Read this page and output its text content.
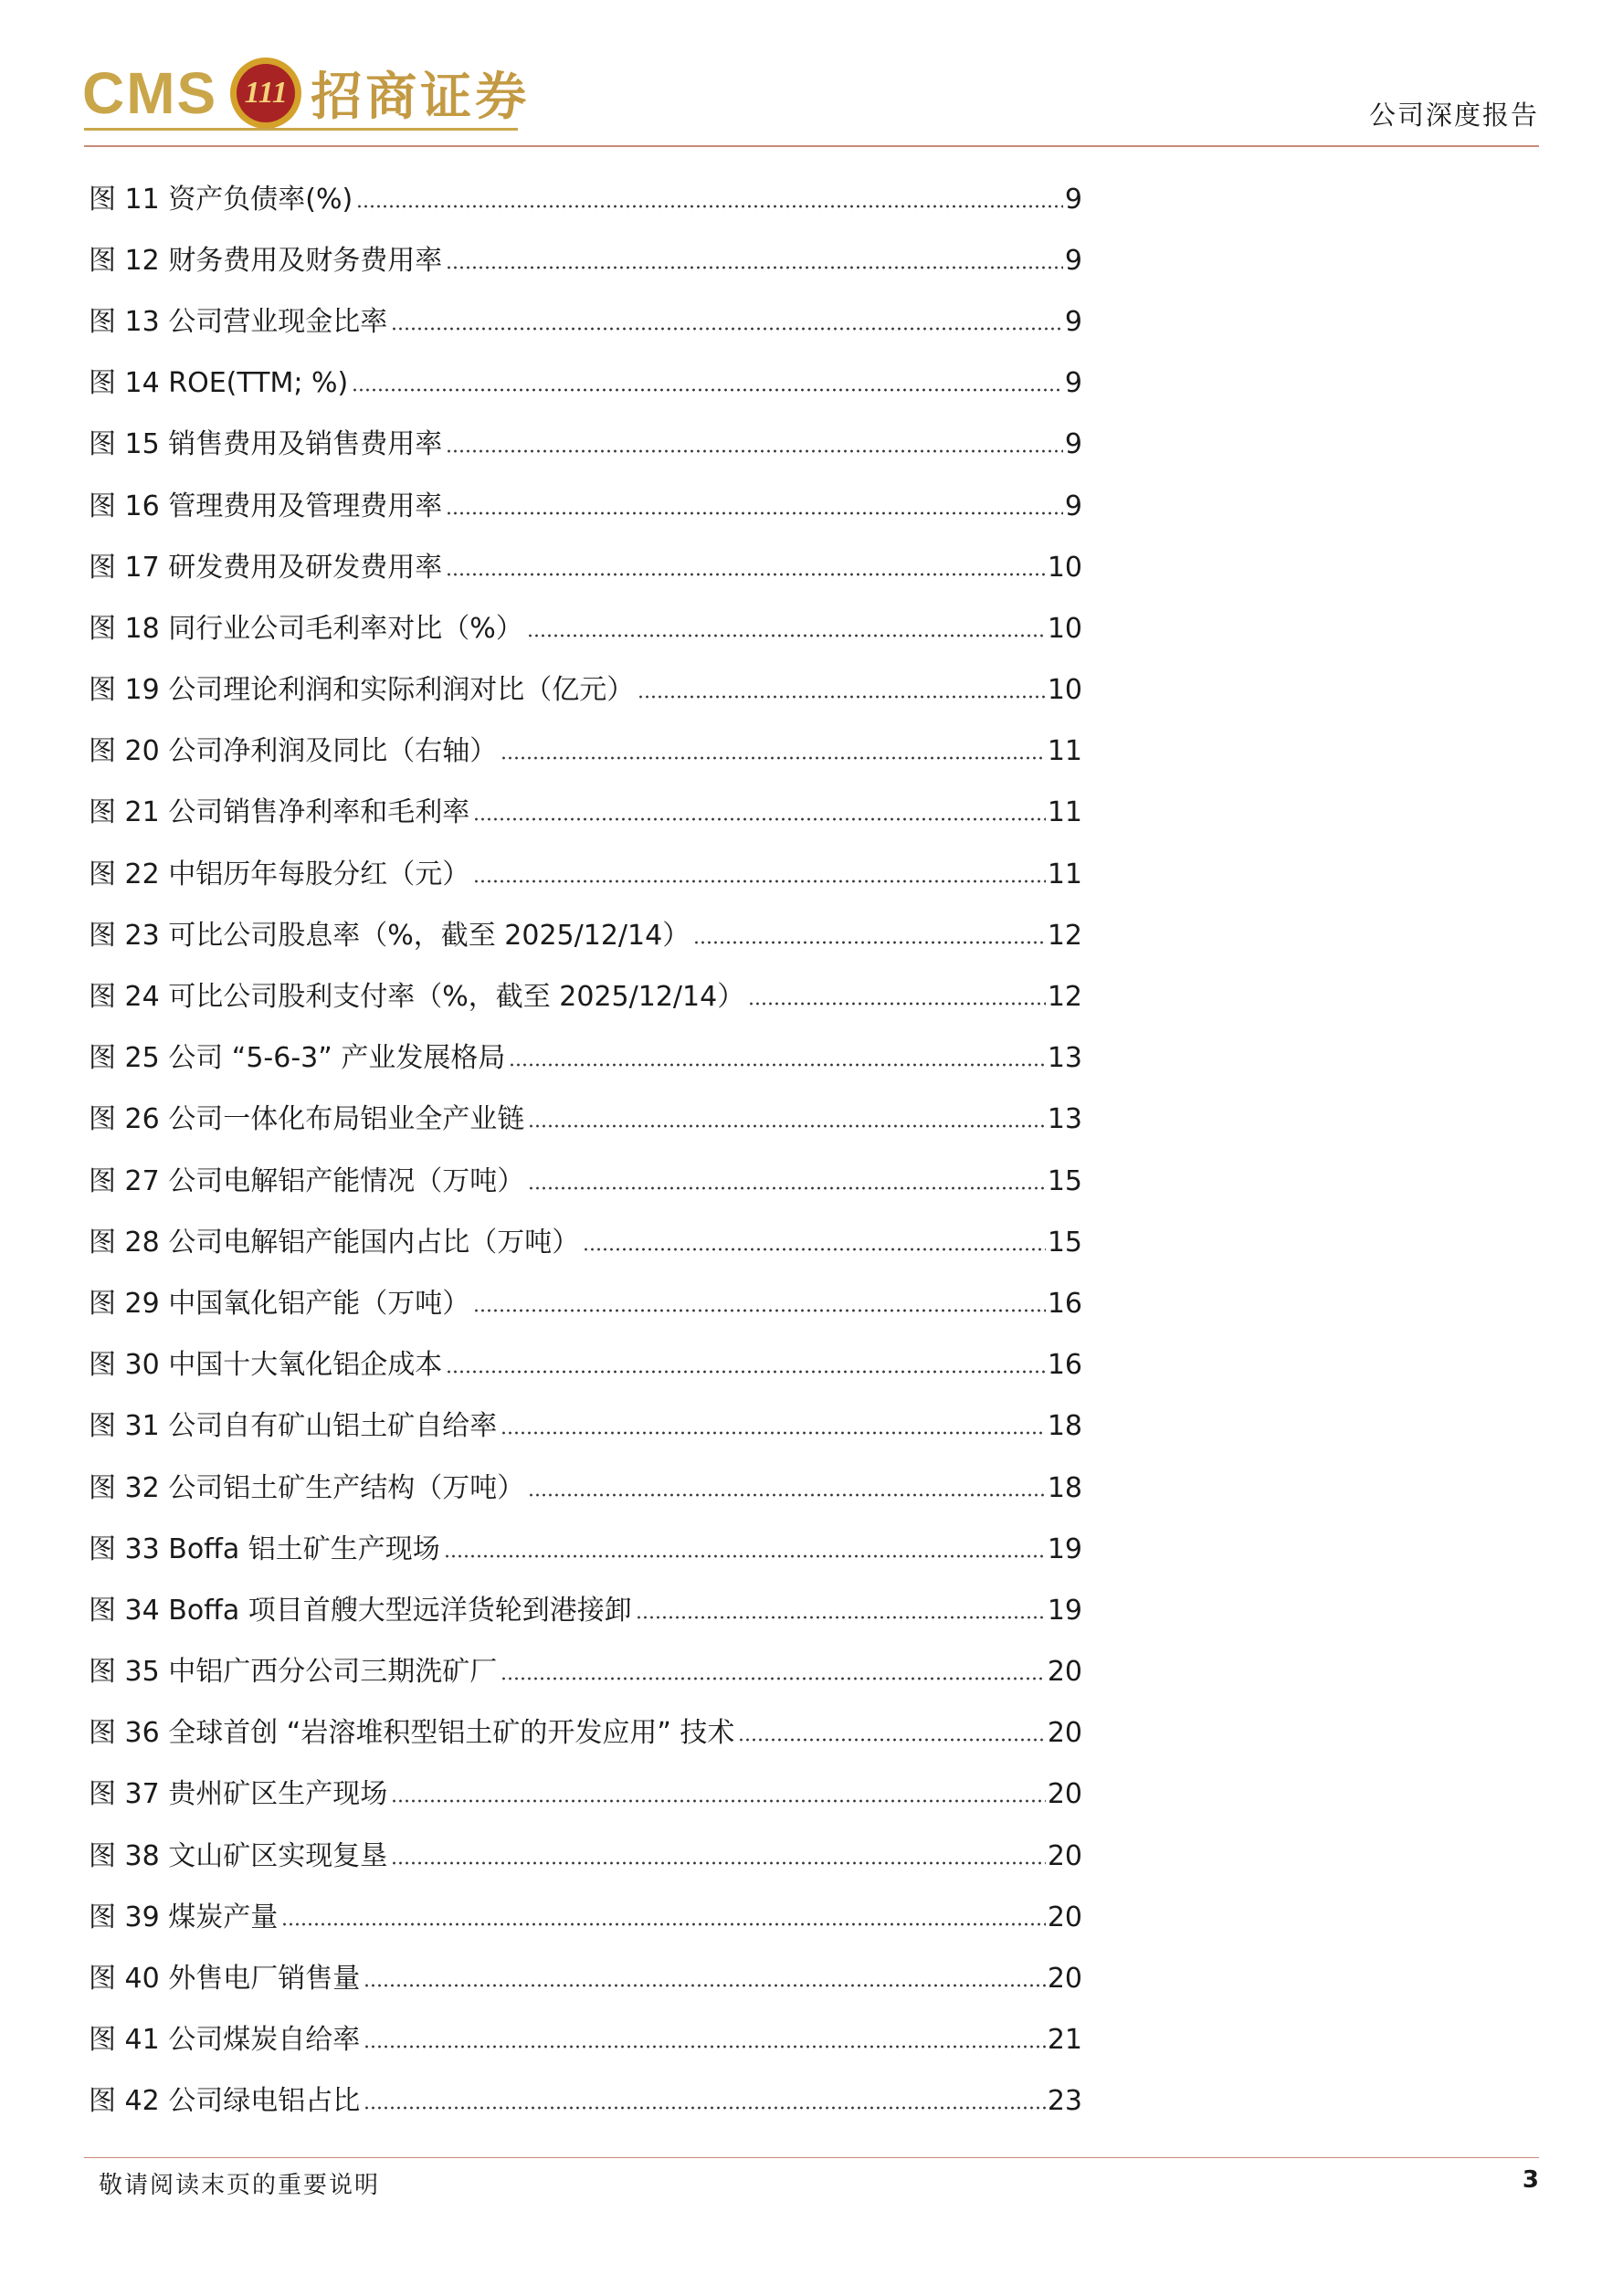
CMS 111 招商证券	公司深度报告
图 11 资产负债率(%)	9
图 12 财务费用及财务费用率	9
图 13 公司营业现金比率	9
图 14 ROE(TTM; %)	9
图 15 销售费用及销售费用率	9
图 16 管理费用及管理费用率	9
图 17 研发费用及研发费用率	10
图 18 同行业公司毛利率对比（%）	10
图 19 公司理论利润和实际利润对比（亿元）	10
图 20 公司净利润及同比（右轴）	11
图 21 公司销售净利率和毛利率	11
图 22 中铝历年每股分红（元）	11
图 23 可比公司股息率（%，截至 2025/12/14）	12
图 24 可比公司股利支付率（%，截至 2025/12/14）	12
图 25 公司 “5-6-3” 产业发展格局	13
图 26 公司一体化布局铝业全产业链	13
图 27 公司电解铝产能情况（万吨）	15
图 28 公司电解铝产能国内占比（万吨）	15
图 29 中国氧化铝产能（万吨）	16
图 30 中国十大氧化铝企成本	16
图 31 公司自有矿山铝土矿自给率	18
图 32 公司铝土矿生产结构（万吨）	18
图 33 Boffa 铝土矿生产现场	19
图 34 Boffa 项目首艘大型远洋货轮到港接卸	19
图 35 中铝广西分公司三期洗矿厂	20
图 36 全球首创 “岩溶堆积型铝土矿的开发应用” 技术	20
图 37 贵州矿区生产现场	20
图 38 文山矿区实现复垦	20
图 39 煤炭产量	20
图 40 外售电厂销售量	20
图 41 公司煤炭自给率	21
图 42 公司绿电铝占比	23
敬请阅读末页的重要说明	3
